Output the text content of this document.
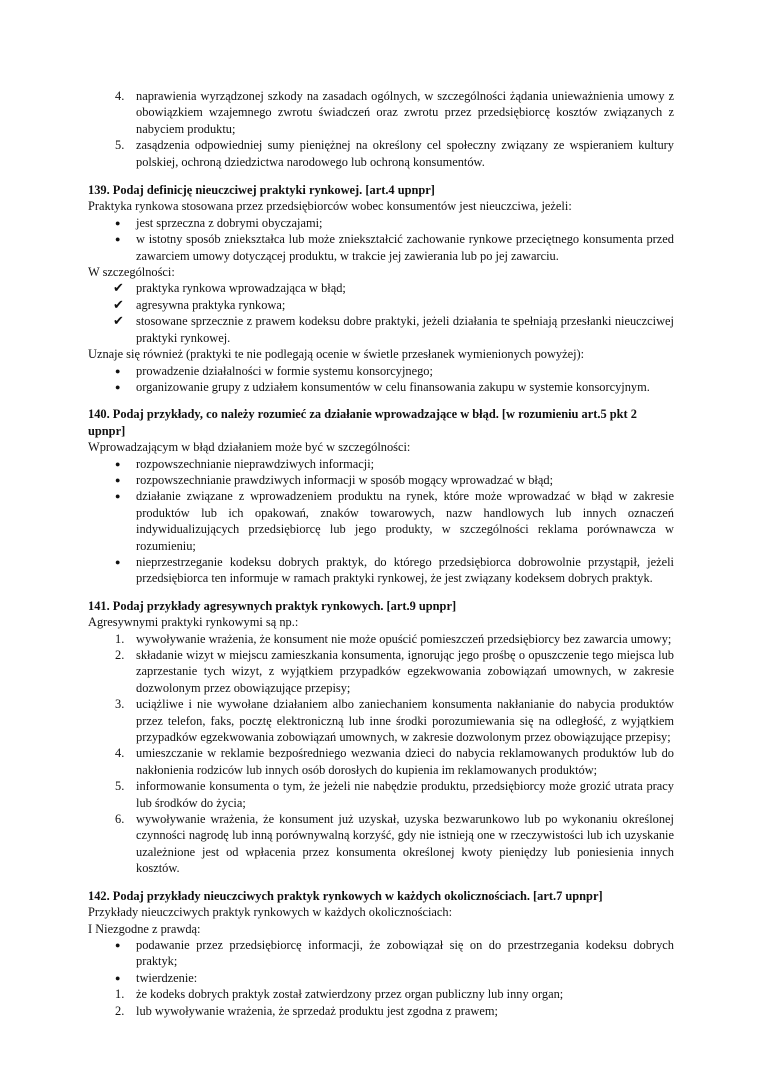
4. naprawienia wyrządzonej szkody na zasadach ogólnych, w szczególności żądania unieważnienia umowy z obowiązkiem wzajemnego zwrotu świadczeń oraz zwrotu przez przedsiębiorcę kosztów związanych z nabyciem produktu;
5. zasądzenia odpowiedniej sumy pieniężnej na określony cel społeczny związany ze wspieraniem kultury polskiej, ochroną dziedzictwa narodowego lub ochroną konsumentów.
139. Podaj definicję nieuczciwej praktyki rynkowej. [art.4 upnpr]

Praktyka rynkowa stosowana przez przedsiębiorców wobec konsumentów jest nieuczciwa, jeżeli:

● jest sprzeczna z dobrymi obyczajami;
● w istotny sposób zniekształca lub może zniekształcić zachowanie rynkowe przeciętnego konsumenta przed zawarciem umowy dotyczącej produktu, w trakcie jej zawierania lub po jej zawarciu.

W szczególności:

✔ praktyka rynkowa wprowadzająca w błąd;
✔ agresywna praktyka rynkowa;
✔ stosowane sprzecznie z prawem kodeksu dobre praktyki, jeżeli działania te spełniają przesłanki nieuczciwej praktyki rynkowej.

Uznaje się również (praktyki te nie podlegają ocenie w świetle przesłanek wymienionych powyżej):

● prowadzenie działalności w formie systemu konsorcyjnego;
● organizowanie grupy z udziałem konsumentów w celu finansowania zakupu w systemie konsorcyjnym.
140. Podaj przykłady, co należy rozumieć za działanie wprowadzające w błąd. [w rozumieniu art.5 pkt 2 upnpr]

Wprowadzającym w błąd działaniem może być w szczególności:

● rozpowszechnianie nieprawdziwych informacji;
● rozpowszechnianie prawdziwych informacji w sposób mogący wprowadzać w błąd;
● działanie związane z wprowadzeniem produktu na rynek, które może wprowadzać w błąd w zakresie produktów lub ich opakowań, znaków towarowych, nazw handlowych lub innych oznaczeń indywidualizujących przedsiębiorcę lub jego produkty, w szczególności reklama porównawcza w rozumieniu;
● nieprzestrzeganie kodeksu dobrych praktyk, do którego przedsiębiorca dobrowolnie przystąpił, jeżeli przedsiębiorca ten informuje w ramach praktyki rynkowej, że jest związany kodeksem dobrych praktyk.
141. Podaj przykłady agresywnych praktyk rynkowych. [art.9 upnpr]

Agresywnymi praktyki rynkowymi są np.:

1. wywoływanie wrażenia, że konsument nie może opuścić pomieszczeń przedsiębiorcy bez zawarcia umowy;
2. składanie wizyt w miejscu zamieszkania konsumenta, ignorując jego prośbę o opuszczenie tego miejsca lub zaprzestanie tych wizyt, z wyjątkiem przypadków egzekwowania zobowiązań umownych, w zakresie dozwolonym przez obowiązujące przepisy;
3. uciążliwe i nie wywołane działaniem albo zaniechaniem konsumenta nakłanianie do nabycia produktów przez telefon, faks, pocztę elektroniczną lub inne środki porozumiewania się na odległość, z wyjątkiem przypadków egzekwowania zobowiązań umownych, w zakresie dozwolonym przez obowiązujące przepisy;
4. umieszczanie w reklamie bezpośredniego wezwania dzieci do nabycia reklamowanych produktów lub do nakłonienia rodziców lub innych osób dorosłych do kupienia im reklamowanych produktów;
5. informowanie konsumenta o tym, że jeżeli nie nabędzie produktu, przedsiębiorcy może grozić utrata pracy lub środków do życia;
6. wywoływanie wrażenia, że konsument już uzyskał, uzyska bezwarunkowo lub po wykonaniu określonej czynności nagrodę lub inną porównywalną korzyść, gdy nie istnieją one w rzeczywistości lub ich uzyskanie uzależnione jest od wpłacenia przez konsumenta określonej kwoty pieniędzy lub poniesienia innych kosztów.
142. Podaj przykłady nieuczciwych praktyk rynkowych w każdych okolicznościach. [art.7 upnpr]

Przykłady nieuczciwych praktyk rynkowych w każdych okolicznościach:

I Niezgodne z prawdą:

● podawanie przez przedsiębiorcę informacji, że zobowiązał się on do przestrzegania kodeksu dobrych praktyk;
● twierdzenie:
1. że kodeks dobrych praktyk został zatwierdzony przez organ publiczny lub inny organ;
2. lub wywoływanie wrażenia, że sprzedaż produktu jest zgodna z prawem;
